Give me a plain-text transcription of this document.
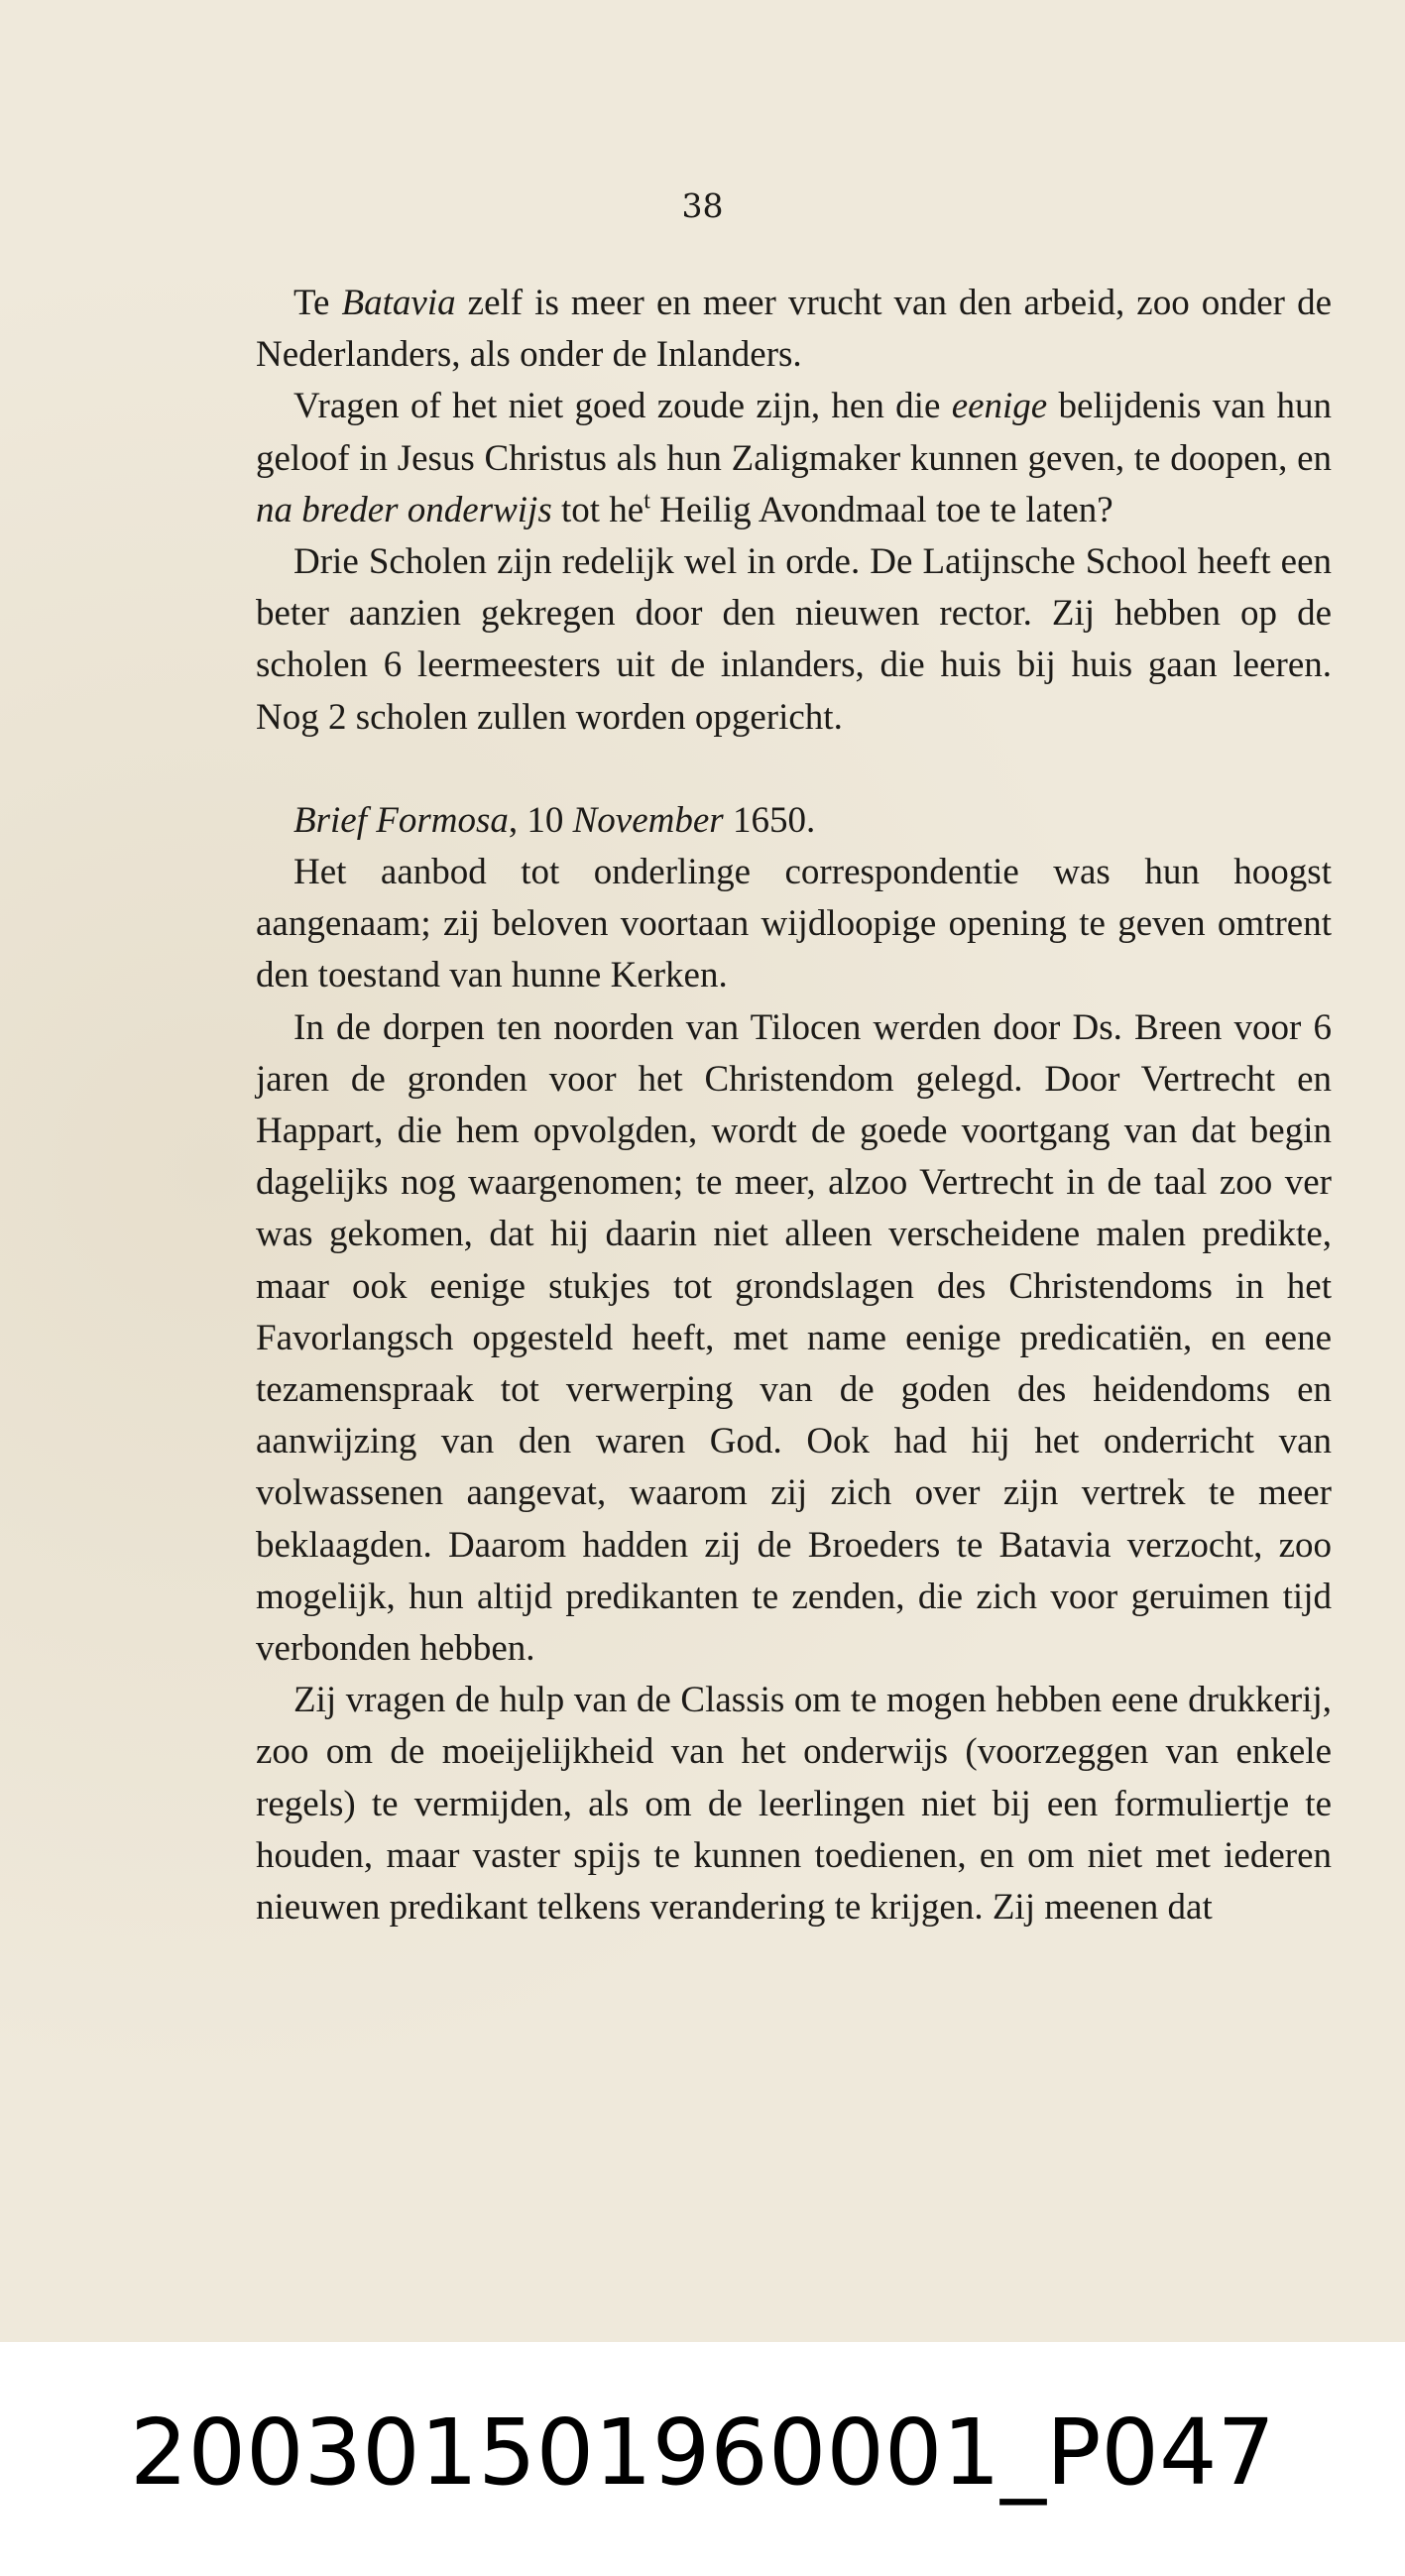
38

Te Batavia zelf is meer en meer vrucht van den arbeid, zoo onder de Nederlanders, als onder de Inlanders.

Vragen of het niet goed zoude zijn, hen die eenige belijdenis van hun geloof in Jesus Christus als hun Zaligmaker kunnen geven, te doopen, en na breder onderwijs tot $he^t$ Heilig Avondmaal toe te laten?

Drie Scholen zijn redelijk wel in orde. De Latijnsche School heeft een beter aanzien gekregen door den nieuwen rector. Zij hebben op de scholen 6 leermeesters uit de inlanders, die huis bij huis gaan leeren. Nog 2 scholen zullen worden opgericht.

Brief Formosa, 10 November 1650.

Het aanbod tot onderlinge correspondentie was hun hoogst aangenaam; zij beloven voortaan wijdloopige opening te geven omtrent den toestand van hunne Kerken.

In de dorpen ten noorden van Tilocen werden door Ds. Breen voor 6 jaren de gronden voor het Christendom gelegd. Door Vertrecht en Happart, die hem opvolgden, wordt de goede voortgang van dat begin dagelijks nog waargenomen; te meer, alzoo Vertrecht in de taal zoo ver was gekomen, dat hij daarin niet alleen verscheidene malen predikte, maar ook eenige stukjes tot grondslagen des Christendoms in het Favorlangsch opgesteld heeft, met name eenige predicatiën, en eene tezamenspraak tot verwerping van de goden des heidendoms en aanwijzing van den waren God. Ook had hij het onderricht van volwassenen aangevat, waarom zij zich over zijn vertrek te meer beklaagden. Daarom hadden zij de Broeders te Batavia verzocht, zoo mogelijk, hun altijd predikanten te zenden, die zich voor geruimen tijd verbonden hebben.

Zij vragen de hulp van de Classis om te mogen hebben eene drukkerij, zoo om de moeijelijkheid van het onderwijs (voorzeggen van enkele regels) te vermijden, als om de leerlingen niet bij een formuliertje te houden, maar vaster spijs te kunnen toedienen, en om niet met iederen nieuwen predikant telkens verandering te krijgen. Zij meenen dat

200301501960001_P047
